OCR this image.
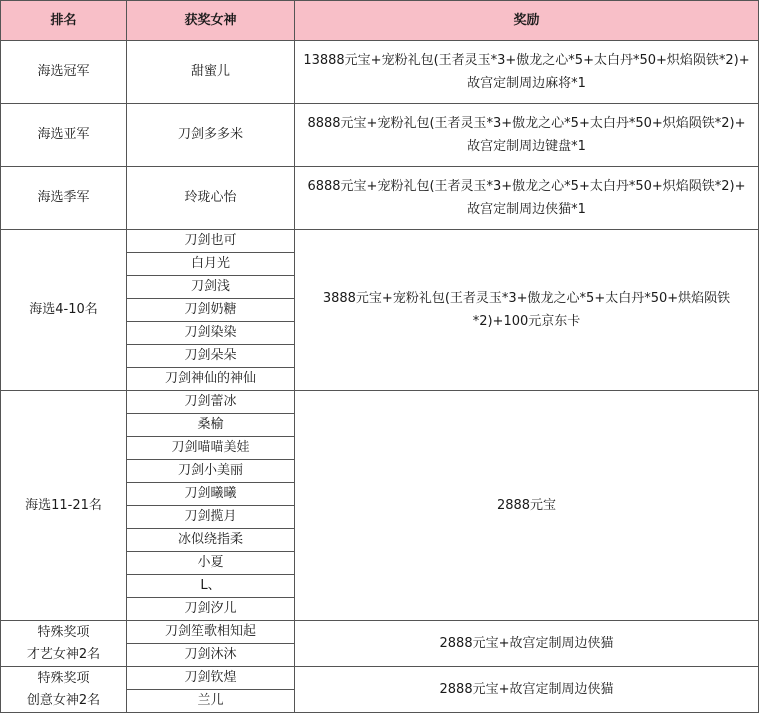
排名	获奖女神	奖励
海选冠军	甜蜜儿	13888元宝+宠粉礼包(王者灵玉*3+傲龙之心*5+太白丹*50+炽焰陨铁*2)+
故宫定制周边麻将*1

海选亚军	刀剑多多米	8888元宝+宠粉礼包(王者灵玉*3+傲龙之心*5+太白丹*50+炽焰陨铁*2)+
故宫定制周边键盘*1

海选季军	玲珑心怡	6888元宝+宠粉礼包(王者灵玉*3+傲龙之心*5+太白丹*50+炽焰陨铁*2)+
故宫定制周边侠猫*1

海选4-10名	刀剑也可	3888元宝+宠粉礼包(王者灵玉*3+傲龙之心*5+太白丹*50+烘焰陨铁
*2)+100元京东卡

	白月光	
	刀剑浅	
	刀剑奶糖	
	刀剑染染	
	刀剑朵朵	
	刀剑神仙的神仙	
海选11-21名	刀剑蕾冰	2888元宝

	桑榆	
	刀剑喵喵美娃	
	刀剑小美丽	
	刀剑曦曦	
	刀剑揽月	
	冰似绕指柔	
	小夏	
	L、	
	刀剑汐儿	

特殊奖项
才艺女神2名	刀剑笙歌相知起	2888元宝+故宫定制周边侠猫

	刀剑沐沐	

特殊奖项
创意女神2名	刀剑钦煌	2888元宝+故宫定制周边侠猫

	兰儿	
